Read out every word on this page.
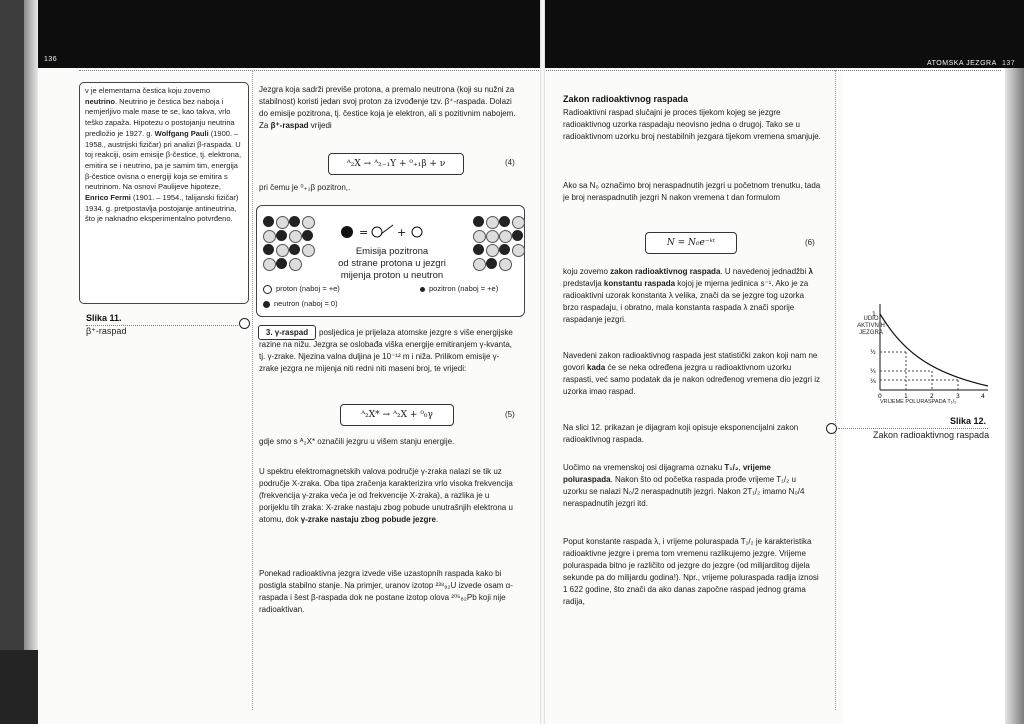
136
ATOMSKA JEZGRA 137
ν je elementarna čestica koju zovemo neutrino. Neutrino je čestica bez naboja i nemjerljivo male mase te se, kao takva, vrlo teško zapaža. Hipotezu o postojanju neutrina predložio je 1927. g. Wolfgang Pauli (1900. – 1958., austrijski fizičar) pri analizi β-raspada. U toj reakciji, osim emisije β-čestice, tj. elektrona, emitira se i neutrino, pa je samim tim, energija β-čestice ovisna o energiji koja se emitira s neutrinom. Na osnovi Paulijeve hipoteze, Enrico Fermi (1901. – 1954., talijanski fizičar) 1934. g. pretpostavlja postojanje antineutrina, što je naknadno eksperimentalno potvrđeno.
Slika 11.
β⁺-raspad

Jezgra koja sadrži previše protona, a premalo neutrona (koji su nužni za stabilnost) koristi jedan svoj proton za izvođenje tzv. β⁺-raspada. Dolazi do emisije pozitrona, tj. čestice koja je elektron, ali s pozitivnim nabojem. Za β⁺-raspad vrijedi

ᴬ₂X → ᴬ₂₋₁Y + ⁰₊₁β + ν	(4)

pri čemu je ⁰₊₁β pozitron,.

=	+
Emisija pozitrona
od strane protona u jezgri
mijenja proton u neutron
proton (naboj = +e)
neutron (naboj = 0)
pozitron (naboj = +e)
3. γ-raspad	posljedica je prijelaza atomske jezgre s više energijske razine na nižu. Jezgra se oslobađa viška energije emitiranjem γ-kvanta, tj. γ-zrake. Njezina valna duljina je 10⁻¹² m i niža. Prilikom emisije γ-zrake jezgra ne mijenja niti redni niti maseni broj, te vrijedi:

ᴬ₂X* → ᴬ₂X + ⁰₀γ	(5)

gdje smo s ᴬ₂X* označili jezgru u višem stanju energije.

U spektru elektromagnetskih valova područje γ-zraka nalazi se tik uz područje X-zraka. Oba tipa zračenja karakterizira vrlo visoka frekvencija (frekvencija γ-zraka veća je od frekvencije X-zraka), a razlika je u porijeklu tih zraka: X-zrake nastaju zbog pobude unutrašnjih elektrona u atomu, dok γ-zrake nastaju zbog pobude jezgre.

Ponekad radioaktivna jezgra izvede više uzastopnih raspada kako bi postigla stabilno stanje. Na primjer, uranov izotop ²³⁸₉₂U izvede osam α-raspada i šest β-raspada dok ne postane izotop olova ²⁰⁶₈₂Pb koji nije radioaktivan.

Zakon radioaktivnog raspada

Radioaktivni raspad slučajni je proces tijekom kojeg se jezgre radioaktivnog uzorka raspadaju neovisno jedna o drugoj. Tako se u radioaktivnom uzorku broj nestabilnih jezgara tijekom vremena smanjuje.

Ako sa N₀ označimo broj neraspadnutih jezgri u početnom trenutku, tada je broj neraspadnutih jezgri N nakon vremena t dan formulom

N = N₀e⁻ᵏᵗ	(6)

koju zovemo zakon radioaktivnog raspada. U navedenoj jednadžbi λ predstavlja konstantu raspada kojoj je mjerna jedinica s⁻¹. Ako je za radioaktivni uzorak konstanta λ velika, znači da se jezgre tog uzorka brzo raspadaju, i obratno, mala konstanta raspada λ znači sporije raspadanje jezgri.

Navedeni zakon radioaktivnog raspada jest statistički zakon koji nam ne govori kada će se neka određena jezgra u radioaktivnom uzorku raspasti, već samo podatak da je nakon određenog vremena dio jezgri iz uzorka imao raspad.

Na slici 12. prikazan je dijagram koji opisuje eksponencijalni zakon radioaktivnog raspada.

Uočimo na vremenskoj osi dijagrama oznaku T₁/₂, vrijeme poluraspada. Nakon što od početka raspada prođe vrijeme T₁/₂ u uzorku se nalazi N₀/2 neraspadnutih jezgri. Nakon 2T₁/₂ imamo N₀/4 neraspadnutih jezgri itd.

Poput konstante raspada λ, i vrijeme poluraspada T₁/₂ je karakteristika radioaktivne jezgre i prema tom vremenu razlikujemo jezgre. Vrijeme poluraspada bitno je različito od jezgre do jezgre (od milijarditog dijela sekunde pa do milijardu godina!). Npr., vrijeme poluraspada radija iznosi 1 622 godine, što znači da ako danas započne raspad jednog grama radija,

UDIO
AKTIVNIH
JEZGRA
1
½
¼
⅛
0	1	2	3	4
VRIJEME POLURASPADA T₁/₂
Slika 12.
Zakon radioaktivnog raspada
